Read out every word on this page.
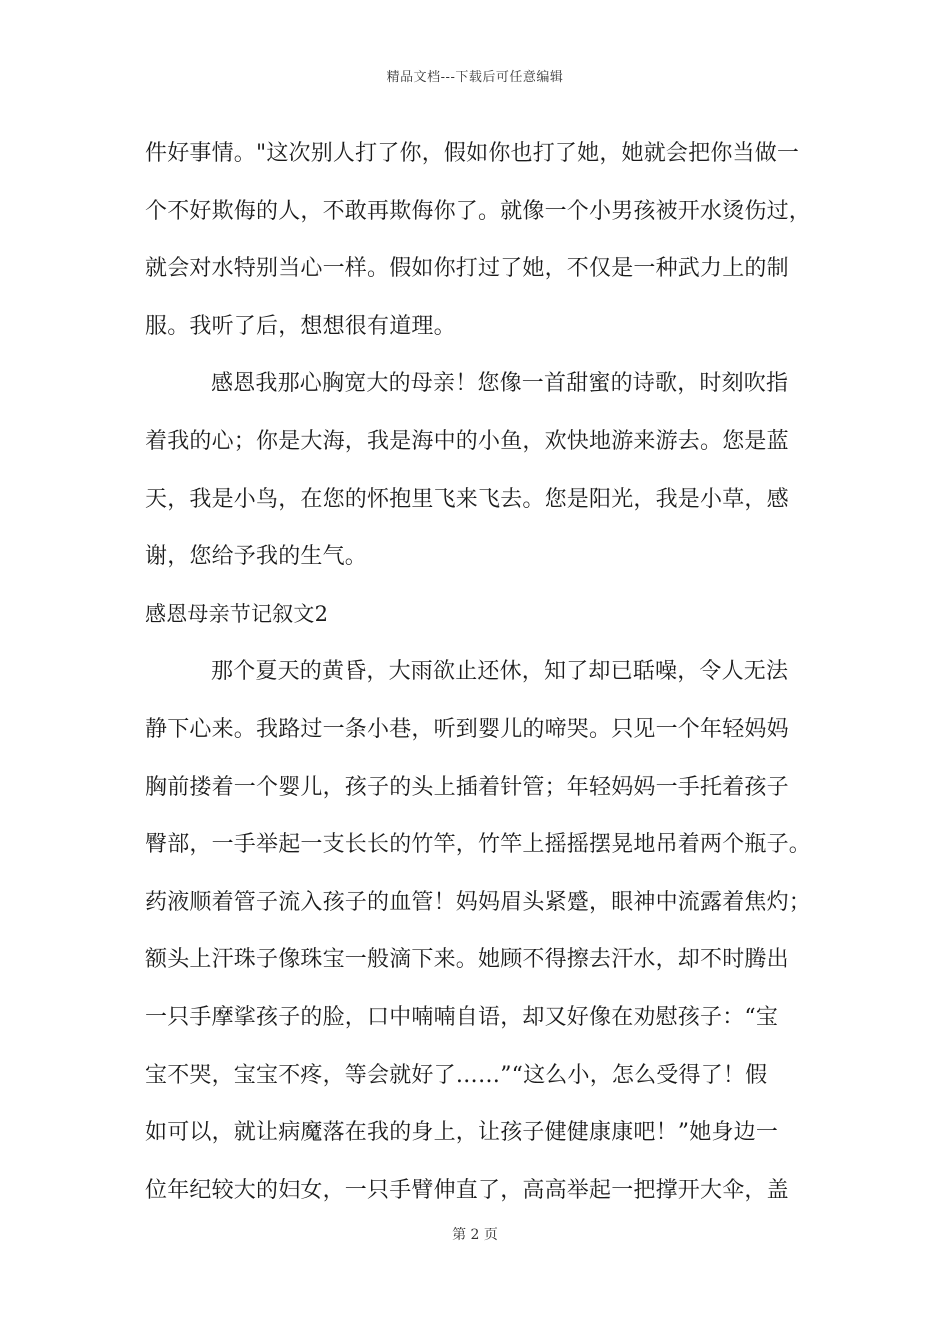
精品文档---下载后可任意编辑
件好事情。"这次别人打了你，假如你也打了她，她就会把你当做一
个不好欺侮的人，不敢再欺侮你了。就像一个小男孩被开水烫伤过，
就会对水特别当心一样。假如你打过了她，不仅是一种武力上的制
服。我听了后，想想很有道理。
感恩我那心胸宽大的母亲！您像一首甜蜜的诗歌，时刻吹指
着我的心；你是大海，我是海中的小鱼，欢快地游来游去。您是蓝
天，我是小鸟，在您的怀抱里飞来飞去。您是阳光，我是小草，感
谢，您给予我的生气。
感恩母亲节记叙文2
那个夏天的黄昏，大雨欲止还休，知了却已聒噪，令人无法
静下心来。我路过一条小巷，听到婴儿的啼哭。只见一个年轻妈妈
胸前搂着一个婴儿，孩子的头上插着针管；年轻妈妈一手托着孩子
臀部，一手举起一支长长的竹竿，竹竿上摇摇摆晃地吊着两个瓶子。
药液顺着管子流入孩子的血管！妈妈眉头紧蹙，眼神中流露着焦灼；
额头上汗珠子像珠宝一般滴下来。她顾不得擦去汗水，却不时腾出
一只手摩挲孩子的脸，口中喃喃自语，却又好像在劝慰孩子：“宝
宝不哭，宝宝不疼，等会就好了……”“这么小，怎么受得了！假
如可以，就让病魔落在我的身上，让孩子健健康康吧！”她身边一
位年纪较大的妇女，一只手臂伸直了，高高举起一把撑开大伞，盖
第 2 页
